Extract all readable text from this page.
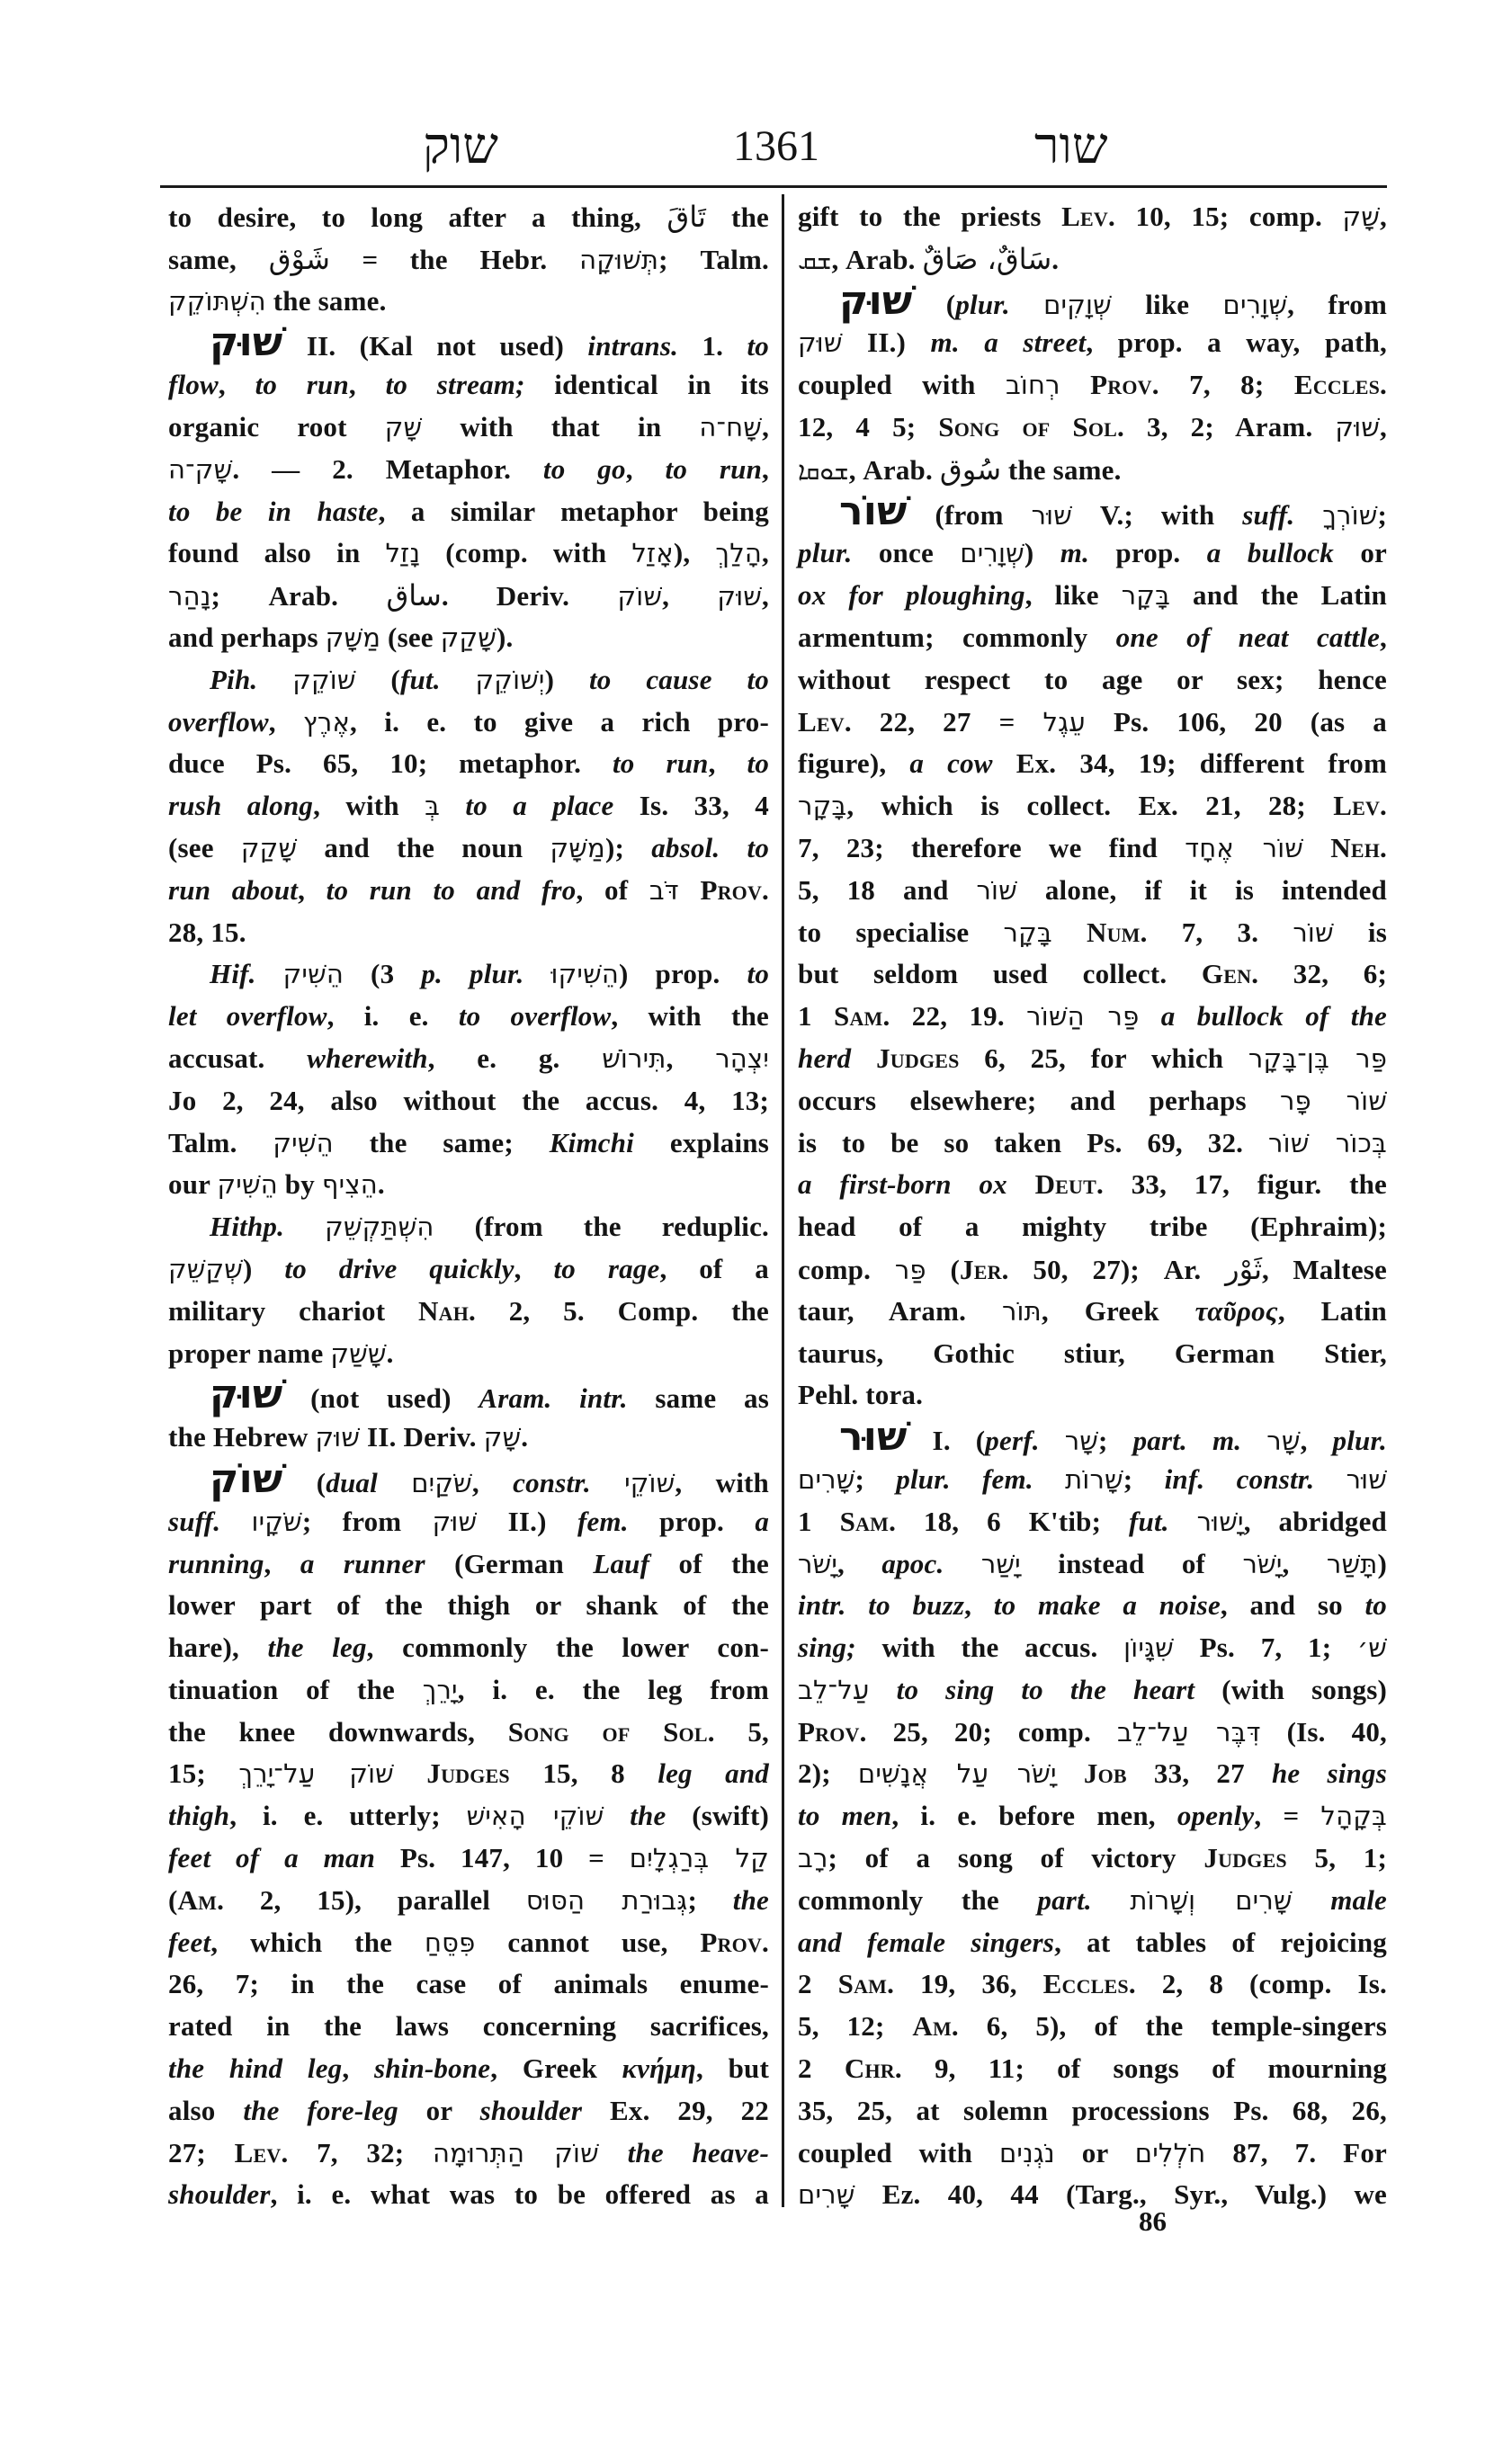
שוק	1361	שור
to desire, to long after a thing, تَاقَ the
same, شَوْق = the Hebr. תְּשׁוּקָה; Talm.
הִשְׁתּוֹקֵק the same.
שׁוּק II. (Kal not used) intrans. 1. to
flow, to run, to stream; identical in its
organic root שָׁק with that in שָׁח־ה,
שָׁק־ה. — 2. Metaphor. to go, to run,
to be in haste, a similar metaphor being
found also in נָזַל (comp. with אָזַל), הָלַךְ,
נָהַר; Arab. ساق. Deriv. שׁוֹק, שׁוּק,
and perhaps מַשָּׁק (see שָׁקַק).
Pih. שׁוֹקֵק (fut. יְשׁוֹקֵק) to cause to
overflow, אֶרֶץ, i. e. to give a rich pro-
duce Ps. 65, 10; metaphor. to run, to
rush along, with בְּ to a place Is. 33, 4
(see שָׁקַק and the noun מַשָּׁק); absol. to
run about, to run to and fro, of דֹּב Prov.
28, 15.
Hif. הֵשִׁיק (3 p. plur. הֵשִׁיקוּ) prop. to
let overflow, i. e. to overflow, with the
accusat. wherewith, e. g. תִּירוֹשׁ, יִצְהָר
Jo 2, 24, also without the accus. 4, 13;
Talm. הֵשִׁיק the same; Kimchi explains
our הֵשִׁיק by הֵצִיף.
Hithp. הִשְׁתַּקְשֵׁק (from the reduplic.
שְׁקַשֵׁק) to drive quickly, to rage, of a
military chariot Nah. 2, 5. Comp. the
proper name שָׁשַׁק.
שׁוּק (not used) Aram. intr. same as
the Hebrew שׁוּק II. Deriv. שָׁק.
שׁוֹק (dual שֹׁקַיִם, constr. שׁוֹקֵי, with
suff. שֹׁקָיו; from שׁוּק II.) fem. prop. a
running, a runner (German Lauf of the
lower part of the thigh or shank of the
hare), the leg, commonly the lower con-
tinuation of the יָרֵךְ, i. e. the leg from
the knee downwards, Song of Sol. 5,
15; שׁוֹק עַל־יָרֵךְ Judges 15, 8 leg and
thigh, i. e. utterly; שׁוֹקֵי הָאִישׁ the (swift)
feet of a man Ps. 147, 10 = קַל בְּרַגְלָיִם
(Am. 2, 15), parallel גְּבוּרַת הַסּוּס; the
feet, which the פִּסֵּחַ cannot use, Prov.
26, 7; in the case of animals enume-
rated in the laws concerning sacrifices,
the hind leg, shin-bone, Greek κνήμη, but
also the fore-leg or shoulder Ex. 29, 22
27; Lev. 7, 32; שׁוֹק הַתְּרוּמָה the heave-
shoulder, i. e. what was to be offered as a
gift to the priests Lev. 10, 15; comp. שָׁק,
ܫܩ, Arab. سَاقٌ، صَاقٌ.
שׁוּק (plur. שְׁוָקִים like שְׁוָרִים, from
שׁוּק II.) m. a street, prop. a way, path,
coupled with רְחוֹב Prov. 7, 8; Eccles.
12, 4 5; Song of Sol. 3, 2; Aram. שׁוּק,
ܫܘܩܐ, Arab. سُوق the same.
שׁוֹר (from שׁוּר V.; with suff. שׁוֹרְךָ;
plur. once שְׁוָרִים) m. prop. a bullock or
ox for ploughing, like בָּקָר and the Latin
armentum; commonly one of neat cattle,
without respect to age or sex; hence
Lev. 22, 27 = עֵגֶל Ps. 106, 20 (as a
figure), a cow Ex. 34, 19; different from
בָּקָר, which is collect. Ex. 21, 28; Lev.
7, 23; therefore we find שׁוֹר אֶחָד Neh.
5, 18 and שׁוֹר alone, if it is intended
to specialise בָּקָר Num. 7, 3. שׁוֹר is
but seldom used collect. Gen. 32, 6;
1 Sam. 22, 19. פַּר הַשּׁוֹר a bullock of the
herd Judges 6, 25, for which פַּר בֶּן־בָּקָר
occurs elsewhere; and perhaps שׁוֹר פָּר
is to be so taken Ps. 69, 32. בְּכוֹר שׁוֹר
a first-born ox Deut. 33, 17, figur. the
head of a mighty tribe (Ephraim);
comp. פַּר (Jer. 50, 27); Ar. ثَوْر, Maltese
taur, Aram. תּוֹר, Greek ταῦρος, Latin
taurus, Gothic stiur, German Stier,
Pehl. tora.
שׁוּר I. (perf. שָׁר; part. m. שָׁר, plur.
שָׁרִים; plur. fem. שָׁרוֹת; inf. constr. שׁוּר
1 Sam. 18, 6 K'tib; fut. יָשׁוּר, abridged
יָשֹׁר, apoc. יָשַׁר instead of יָשֹׁר, תָּשַׁר)
intr. to buzz, to make a noise, and so to
sing; with the accus. שִׁגָּיוֹן Ps. 7, 1; שׁ׳
עַל־לֵב to sing to the heart (with songs)
Prov. 25, 20; comp. דִּבֶּר עַל־לֵב (Is. 40,
2); יָשֹׁר עַל אֲנָשִׁים Job 33, 27 he sings
to men, i. e. before men, openly, = בְּקָהָל
רָב; of a song of victory Judges 5, 1;
commonly the part. שָׁרִים וְשָׁרוֹת male
and female singers, at tables of rejoicing
2 Sam. 19, 36, Eccles. 2, 8 (comp. Is.
5, 12; Am. 6, 5), of the temple-singers
2 Chr. 9, 11; of songs of mourning
35, 25, at solemn processions Ps. 68, 26,
coupled with נֹגְנִים or חֹלְלִים 87, 7. For
שָׁרִים Ez. 40, 44 (Targ., Syr., Vulg.) we
86
